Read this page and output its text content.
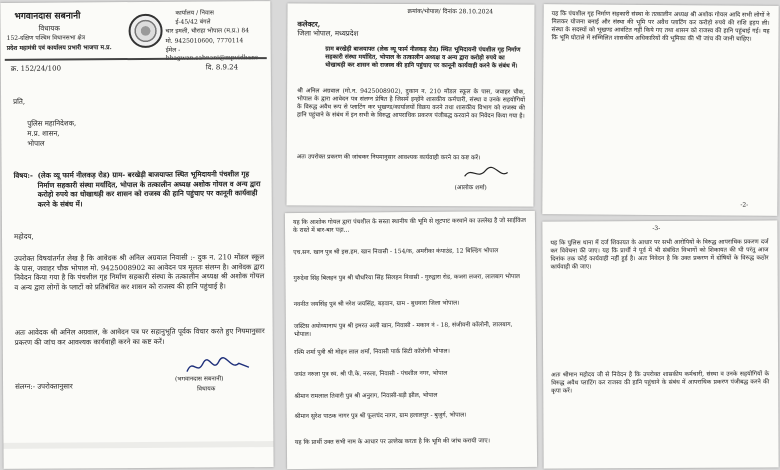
भगवानदास सबनानी
विधायक
152-दक्षिण पश्चिम विधानसभा क्षेत्र
प्रदेश महामंत्री एवं कार्यालय प्रभारी भाजपा म.प्र.
कार्यालय / निवास
ई-45/42 बंगले
चार इमली, चौराहा भोपाल (म.प्र.) 84
मो. 9425010600, 7770114
ईमेल - bhagwan.sabnani@mpvidhans
क्र. 152/24/100	दि. 8.9.24
प्रति,
पुलिस महानिदेशक,
म.प्र. शासन,
भोपाल
विषय:- (लेक व्यू फार्म नीलकड़ रोड) ग्राम- बरखेड़ी बाजयाफ्त स्थित भूमिदायनी पंचशील गृह निर्माण सहकारी संस्था मर्यादित, भोपाल के तत्कालीन अध्यक्ष अशोक गोयल व अन्य द्वारा करोड़ो रुपये का धोखाधड़ी कर शासन को राजस्व की हानि पहुंचाए पर कानूनी कार्यवाही करने के संबंध में।
महोदय,
उपरोक्त विषयांतर्गत लेख है कि आवेदक श्री अनिल अग्रवाल निवासी :- दुक न. 210 मोंडल स्कूल के पास, जवाहर चौक भोपाल मो. 9425008902 का आवेदन पत्र मूलतः संलग्न है। आवेदक द्वारा निवेदन किया गया है कि पंचशील गृह निर्माण सहकारी संस्था के तत्कालीन अध्यक्ष श्री अशोक गोयल व अन्य द्वारा लोगों के प्लाटों को प्रतिबंधित कर शासन को राजस्व की हानि पहुंचाई है।
अतः आवेदक श्री अनिल अग्रवाल, के आवेदन पत्र पर सहानुभूति पूर्वक विचार करते हुए नियमानुसार प्रकरण की जांच कर आवश्यक कार्यवाही करने का कष्ट करें।
संलग्न:- उपरोक्तानुसार
(भगवानदास सबनानी)
विधायक
क्रमांक/भोपाल/ दिनांक 28.10.2024
कलेक्टर,
जिला भोपाल, मध्यप्रदेश
ग्राम बरखेड़ी बाजयाफ्त (लेक व्यू फार्म नीलकड़ रोड) स्थित भूमिदायनी पंचशील गृह निर्माण सहकारी संस्था मर्यादित, भोपाल के तत्कालीन अध्यक्ष व अन्य द्वारा करोड़ो रुपये का धोखाधड़ी कर शासन को राजस्व की हानि पहुंचाए पर कानूनी कार्यवाही करने के संबंध में।
श्री अनिल अग्रवाल (मो.न. 9425008902), दुकान न. 210 मोंडल स्कूल के पास, जवाहर चौक, भोपाल के द्वारा आवेदन पत्र संलग्न प्रेषित है जिसमें इन्होंने शासकीय कर्मचारी, संस्था व उनके सहयोगियों के विरुद्ध अवैध रूप से प्लाटिंग कर भूखण्ड/कार्यालयों विक्रय करने तथा शासकीय विभाग को राजस्व की हानि पहुंचाने के संबंध में इन सभी के विरुद्ध आपराधिक प्रकरण पंजीबद्ध करवाने का निवेदन किया गया है।
अतः उपरोक्त प्रकरण की जांचकर नियमानुसार आवश्यक कार्यवाही करने का कष्ट करें।
(आलोक शर्मा)
यह कि आशोक गोयल द्वारा पंचशील के सस्ता स्थानीय की भूमि से लूटपाट करवाने का उल्लेख है जो साईकिल के रास्ते में बार-बार पड़ा...
एच.सन. खान पुत्र श्री इस.हम. खान निवासी - 154/क, अमरीका कंपाउंड, 12 बिल्डिंग भोपाल
गुरुदेवा सिंह बिलहन पुत्र श्री चौधरिया सिंह सिलहन निवासी - गुरुद्वारा रोड, कजरा लजरा, लालबाग भोपाल
नवनीत जयसिंह पुत्र श्री नरेश जयसिंह, बड़वान, ग्राम - बुधवारा जिला भोपाल।
जस्टिस अयोध्यानाथ पुत्र श्री इमरत अली खान, निवासी - मकान नं - 18, संजीवनी कॉलोनी, लालबाग, भोपाल।
रश्मि शर्मा पुत्री श्री मोहन लाल शर्मा, निवासी पार्क सिटी कॉलोनी भोपाल।
जयंत नरुला पुत्र स्व. श्री पी.के. नरुला, निवासी - पंचशील नगर, भोपाल
श्रीमान रामलाल तिवारी पुत्र श्री अनुराग, निवासी-बड़ी झील, भोपाल
श्रीमान सुरेश पाठक नागर पुत्र श्री फूलचंद नागर, ग्राम हलालपुर - बुजुर्ग, भोपाल।
यह कि प्रार्थी उक्त सभी नाम के आधार पर उल्लेख करता है कि भूमि की जांच करायी जाए।
यह कि पंचशील गृह निर्माण सहकारी संस्था के तत्कालीन अध्यक्ष श्री अशोक गोयल आदि सभी लोगों ने मिलकर योजना बनाई और संस्था की भूमि पर अवैध प्लाटिंग कर करोड़ो रुपये की राशि हड़प ली। संस्था के सदस्यों को भूखण्ड आवंटित नहीं किये गए तथा शासन को राजस्व की हानि पहुंचाई गई। यह कि भूमि घोटाले में सम्मिलित शासकीय अधिकारियों की भूमिका की भी जांच की जानी चाहिए।
-2-
-3-
यह कि पुलिस थाना में दर्ज शिकायत के आधार पर सभी आरोपियों के विरुद्ध आपराधिक प्रकरण दर्ज कर विवेचना की जाए। यह कि प्रार्थी ने पूर्व में भी संबंधित विभागों को शिकायत की थी परंतु आज दिनांक तक कोई कार्यवाही नहीं हुई है। अतः निवेदन है कि उक्त प्रकरण में दोषियों के विरुद्ध कठोर कार्यवाही की जाए।
अतः श्रीमान महोदय जी से निवेदन है कि उपरोक्त शासकीय कर्मचारी, संस्था व उनके सहयोगियों के विरुद्ध अवैध प्लाटिंग कर राजस्व की हानि पहुंचाने के संबंध में आपराधिक प्रकरण पंजीबद्ध करने की कृपा करें।
